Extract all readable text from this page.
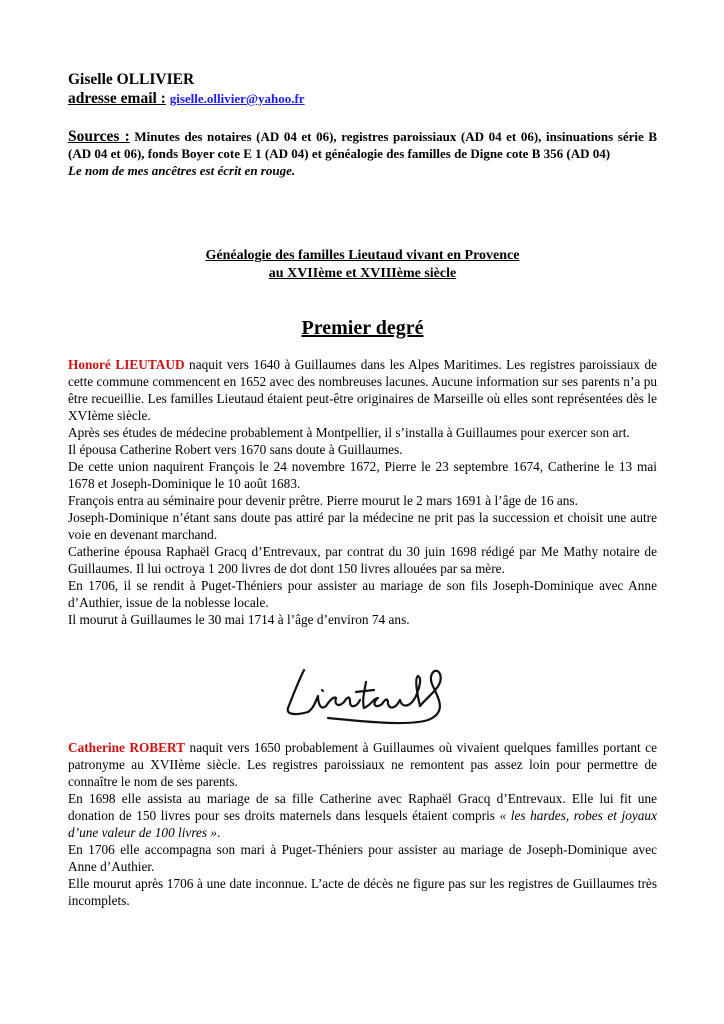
Giselle OLLIVIER
adresse email : giselle.ollivier@yahoo.fr
Sources : Minutes des notaires (AD 04 et 06), registres paroissiaux (AD 04 et 06), insinuations série B (AD 04 et 06), fonds Boyer cote E 1 (AD 04) et généalogie des familles de Digne cote B 356 (AD 04)
Le nom de mes ancêtres est écrit en rouge.
Généalogie des familles Lieutaud vivant en Provence
au XVIIème et XVIIIème siècle
Premier degré

Honoré LIEUTAUD naquit vers 1640 à Guillaumes dans les Alpes Maritimes. Les registres paroissiaux de cette commune commencent en 1652 avec des nombreuses lacunes. Aucune information sur ses parents n’a pu être recueillie. Les familles Lieutaud étaient peut-être originaires de Marseille où elles sont représentées dès le XVIème siècle.

Après ses études de médecine probablement à Montpellier, il s’installa à Guillaumes pour exercer son art.

Il épousa Catherine Robert vers 1670 sans doute à Guillaumes.

De cette union naquirent François le 24 novembre 1672, Pierre le 23 septembre 1674, Catherine le 13 mai 1678 et Joseph-Dominique le 10 août 1683.

François entra au séminaire pour devenir prêtre. Pierre mourut le 2 mars 1691 à l’âge de 16 ans.

Joseph-Dominique n’étant sans doute pas attiré par la médecine ne prit pas la succession et choisit une autre voie en devenant marchand.

Catherine épousa Raphaël Gracq d’Entrevaux, par contrat du 30 juin 1698 rédigé par Me Mathy notaire de Guillaumes. Il lui octroya 1 200 livres de dot dont 150 livres allouées par sa mère.

En 1706, il se rendit à Puget-Théniers pour assister au mariage de son fils Joseph-Dominique avec Anne d’Authier, issue de la noblesse locale.

Il mourut à Guillaumes le 30 mai 1714 à l’âge d’environ 74 ans.

Catherine ROBERT naquit vers 1650 probablement à Guillaumes où vivaient quelques familles portant ce patronyme au XVIIème siècle. Les registres paroissiaux ne remontent pas assez loin pour permettre de connaître le nom de ses parents.

En 1698 elle assista au mariage de sa fille Catherine avec Raphaël Gracq d’Entrevaux. Elle lui fit une donation de 150 livres pour ses droits maternels dans lesquels étaient compris « les hardes, robes et joyaux d’une valeur de 100 livres ».

En 1706 elle accompagna son mari à Puget-Théniers pour assister au mariage de Joseph-Dominique avec Anne d’Authier.

Elle mourut après 1706 à une date inconnue. L’acte de décès ne figure pas sur les registres de Guillaumes très incomplets.
